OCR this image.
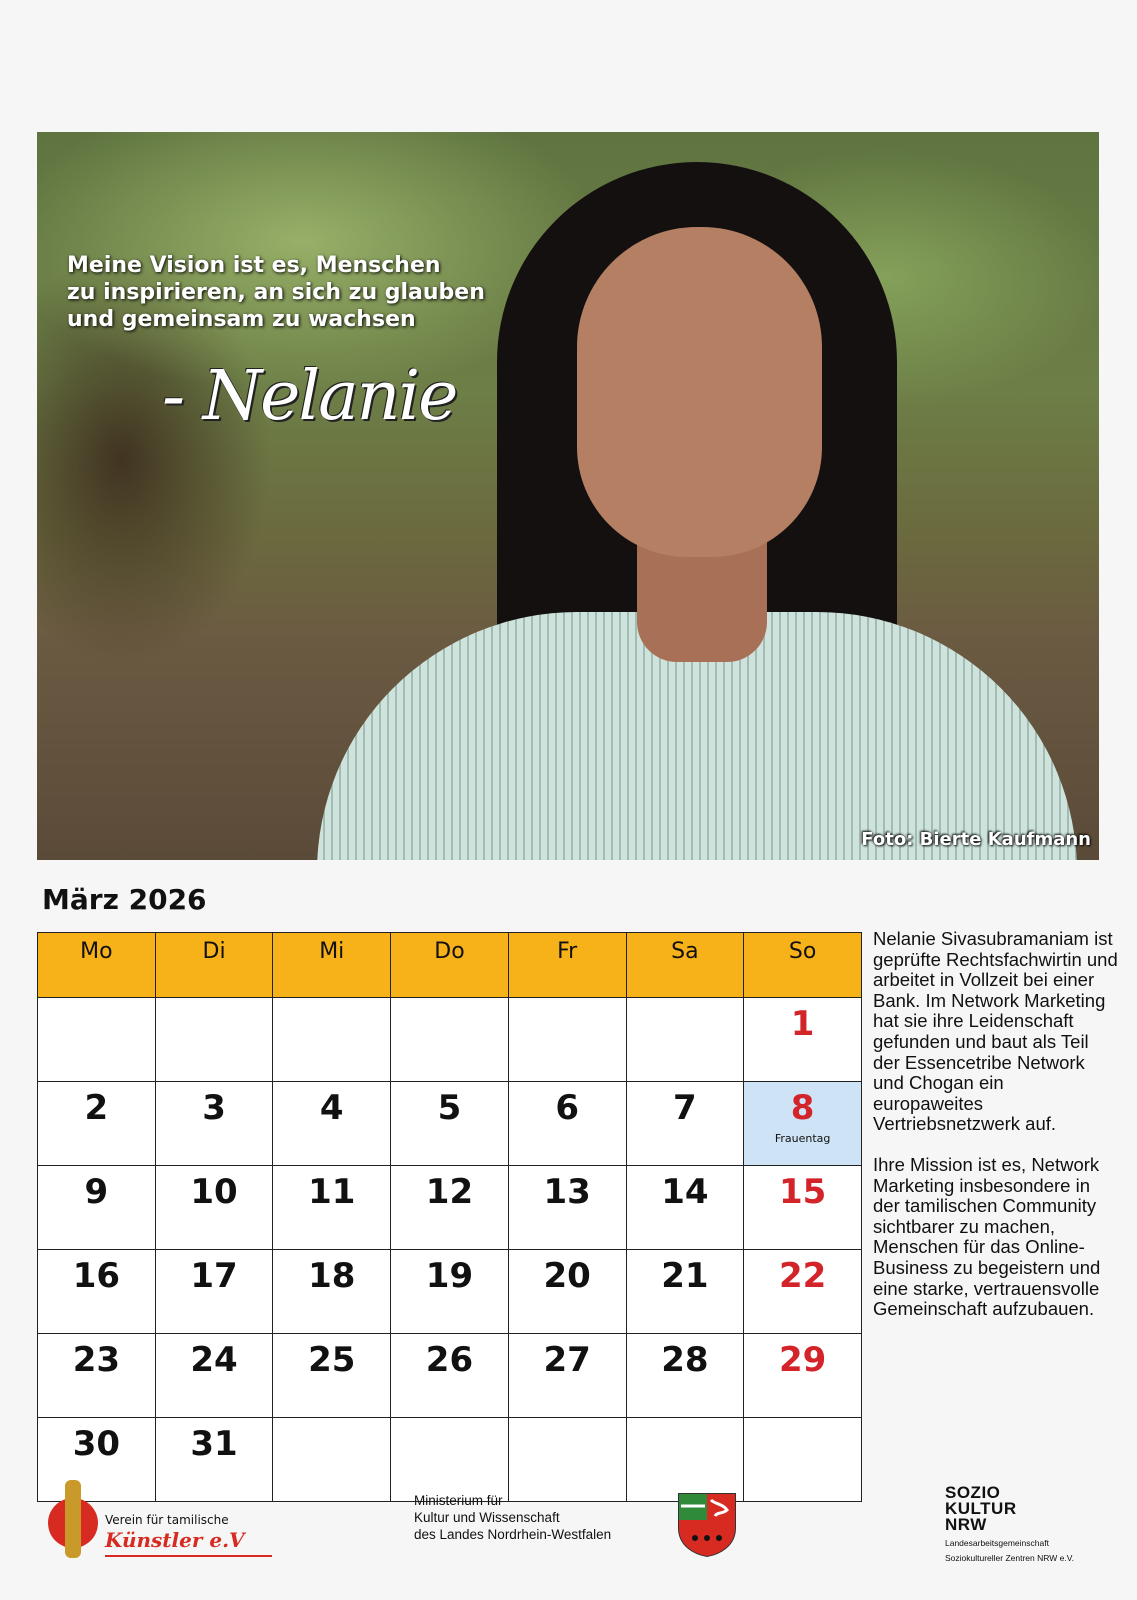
Meine Vision ist es, Menschen
zu inspirieren, an sich zu glauben
und gemeinsam zu wachsen
- Nelanie
Foto: Bierte Kaufmann
März 2026
Mo	Di	Mi	Do	Fr	Sa	So
						1
2	3	4	5	6	7	8
Frauentag

9	10	11	12	13	14	15
16	17	18	19	20	21	22
23	24	25	26	27	28	29
30	31					

Nelanie Sivasubramaniam ist geprüfte Rechtsfachwirtin und arbeitet in Vollzeit bei einer Bank. Im Network Marketing hat sie ihre Leidenschaft gefunden und baut als Teil der Essencetribe Network und Chogan ein europaweites Vertriebsnetzwerk auf.

Ihre Mission ist es, Network Marketing insbesondere in der tamilischen Community sichtbarer zu machen, Menschen für das Online-Business zu begeistern und eine starke, vertrauensvolle Gemeinschaft aufzubauen.

Verein für tamilische
Künstler e.V
Ministerium für
Kultur und Wissenschaft
des Landes Nordrhein-Westfalen
SOZIO
KULTUR
NRW
Landesarbeitsgemeinschaft
Soziokultureller Zentren NRW e.V.
